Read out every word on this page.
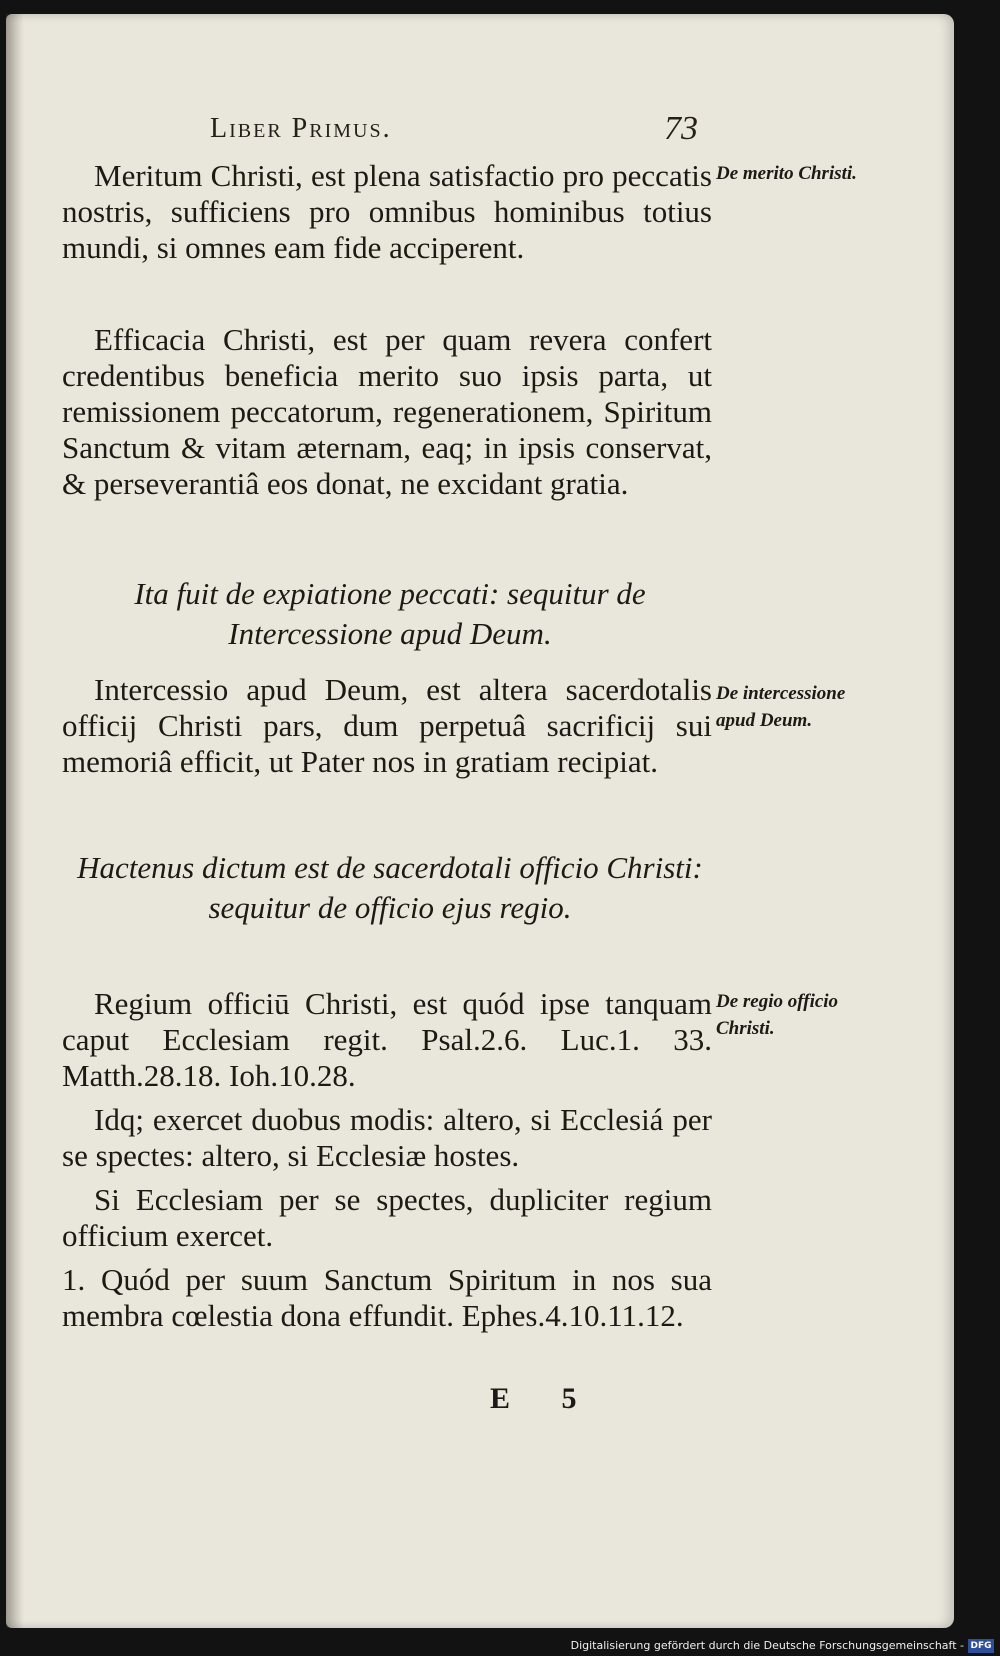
Liber Primus.	73
Meritum Christi, est plena satisfactio pro peccatis nostris, sufficiens pro omnibus hominibus totius mundi, si omnes eam fide acciperent.
De merito Christi.
Efficacia Christi, est per quam revera confert credentibus beneficia merito suo ipsis parta, ut remissionem peccatorum, regenerationem, Spiritum Sanctum & vitam æternam, eaq; in ipsis conservat, & perseverantiâ eos donat, ne excidant gratia.
Ita fuit de expiatione peccati: sequitur de Intercessione apud Deum.
Intercessio apud Deum, est altera sacerdotalis officij Christi pars, dum perpetuâ sacrificij sui memoriâ efficit, ut Pater nos in gratiam recipiat.
De intercessione apud Deum.
Hactenus dictum est de sacerdotali officio Christi: sequitur de officio ejus regio.
Regium officiū Christi, est quód ipse tanquam caput Ecclesiam regit. Psal.2.6. Luc.1. 33. Matth.28.18. Ioh.10.28.
De regio officio Christi.
Idq; exercet duobus modis: altero, si Ecclesiá per se spectes: altero, si Ecclesiæ hostes.
Si Ecclesiam per se spectes, dupliciter regium officium exercet.
1. Quód per suum Sanctum Spiritum in nos sua membra cœlestia dona effundit. Ephes.4.10.11.12.
E 5
Digitalisierung gefördert durch die Deutsche Forschungsgemeinschaft - DFG
